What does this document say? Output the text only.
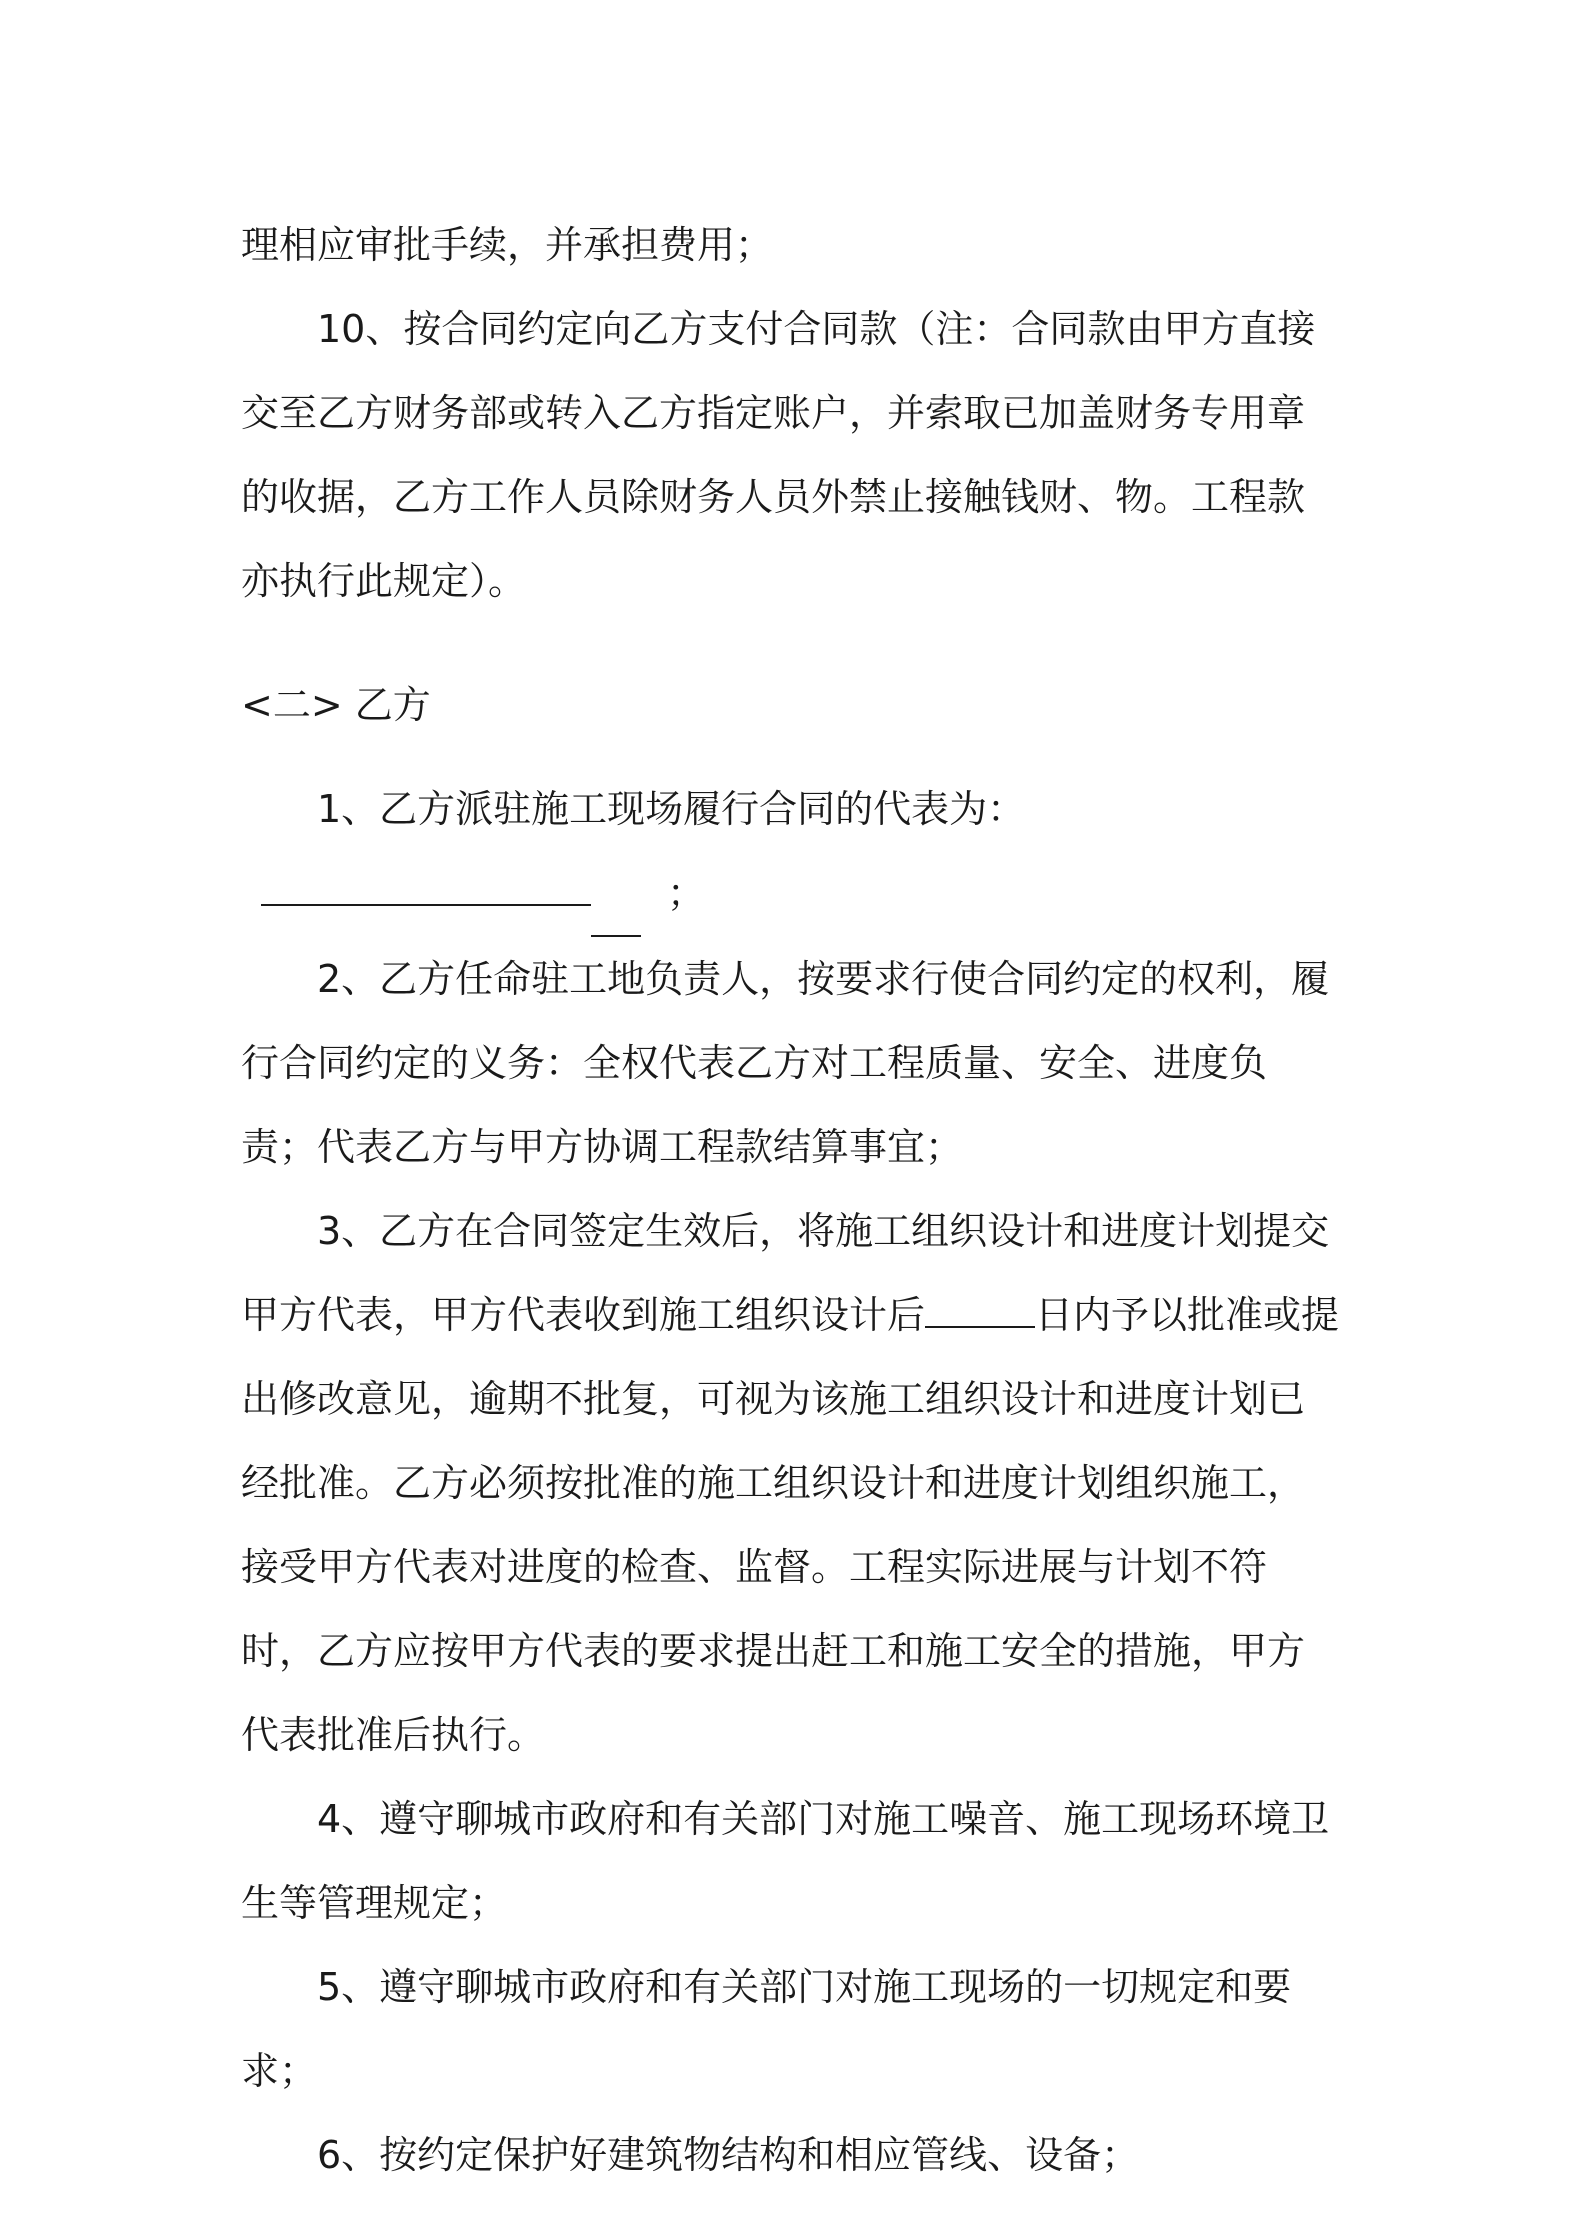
理相应审批手续，并承担费用；

10、按合同约定向乙方支付合同款（注：合同款由甲方直接交至乙方财务部或转入乙方指定账户，并索取已加盖财务专用章的收据，乙方工作人员除财务人员外禁止接触钱财、物。工程款亦执行此规定）。

<二> 乙方

1、乙方派驻施工现场履行合同的代表为：；

2、乙方任命驻工地负责人，按要求行使合同约定的权利，履行合同约定的义务：全权代表乙方对工程质量、安全、进度负责；代表乙方与甲方协调工程款结算事宜；

3、乙方在合同签定生效后，将施工组织设计和进度计划提交甲方代表，甲方代表收到施工组织设计后	日内予以批准或提出修改意见，逾期不批复，可视为该施工组织设计和进度计划已经批准。乙方必须按批准的施工组织设计和进度计划组织施工，接受甲方代表对进度的检查、监督。工程实际进展与计划不符时，乙方应按甲方代表的要求提出赶工和施工安全的措施，甲方代表批准后执行。

4、遵守聊城市政府和有关部门对施工噪音、施工现场环境卫生等管理规定；

5、遵守聊城市政府和有关部门对施工现场的一切规定和要求；

6、按约定保护好建筑物结构和相应管线、设备；
